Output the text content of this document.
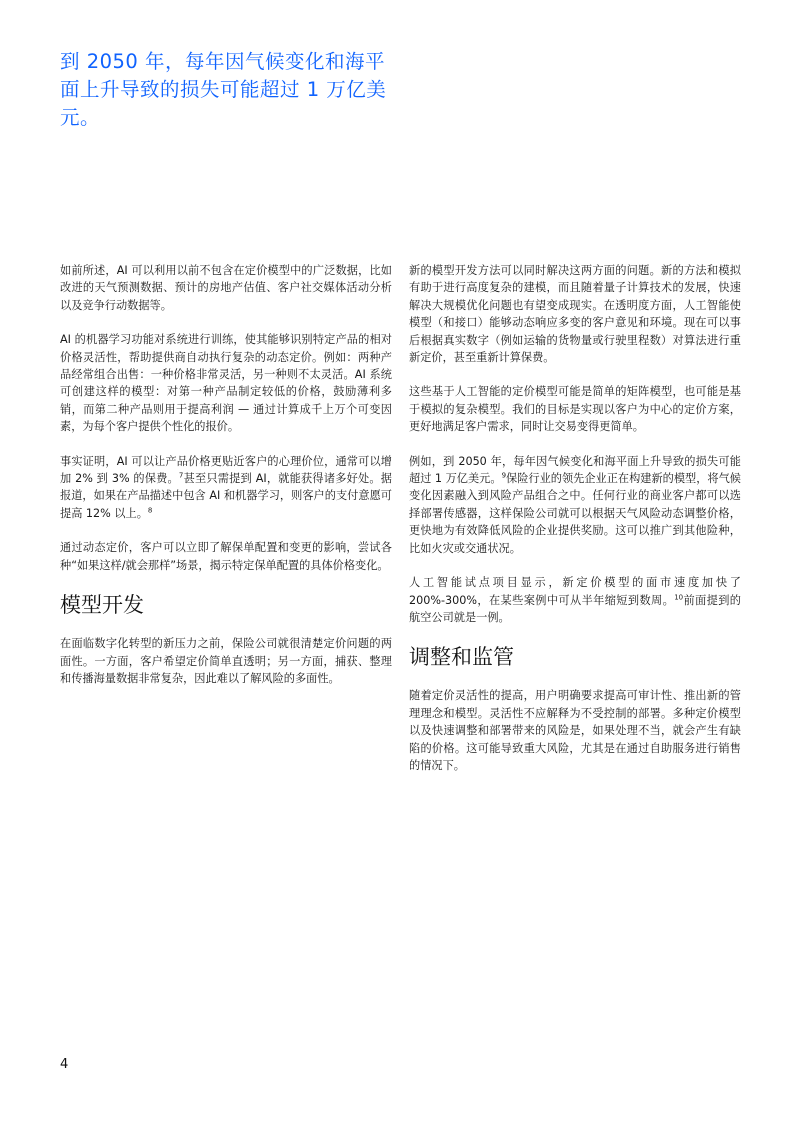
到 2050 年，每年因气候变化和海平面上升导致的损失可能超过 1 万亿美元。

如前所述，AI 可以利用以前不包含在定价模型中的广泛数据，比如改进的天气预测数据、预计的房地产估值、客户社交媒体活动分析以及竞争行动数据等。

AI 的机器学习功能对系统进行训练，使其能够识别特定产品的相对价格灵活性，帮助提供商自动执行复杂的动态定价。例如：两种产品经常组合出售：一种价格非常灵活，另一种则不太灵活。AI 系统可创建这样的模型：对第一种产品制定较低的价格，鼓励薄利多销，而第二种产品则用于提高利润 — 通过计算成千上万个可变因素，为每个客户提供个性化的报价。

事实证明，AI 可以让产品价格更贴近客户的心理价位，通常可以增加 2% 到 3% 的保费。$^7$甚至只需提到 AI，就能获得诸多好处。据报道，如果在产品描述中包含 AI 和机器学习，则客户的支付意愿可提高 12% 以上。$^8$

通过动态定价，客户可以立即了解保单配置和变更的影响，尝试各种“如果这样/就会那样”场景，揭示特定保单配置的具体价格变化。

模型开发

在面临数字化转型的新压力之前，保险公司就很清楚定价问题的两面性。一方面，客户希望定价简单直透明；另一方面，捕获、整理和传播海量数据非常复杂，因此难以了解风险的多面性。

新的模型开发方法可以同时解决这两方面的问题。新的方法和模拟有助于进行高度复杂的建模，而且随着量子计算技术的发展，快速解决大规模优化问题也有望变成现实。在透明度方面，人工智能使模型（和接口）能够动态响应多变的客户意见和环境。现在可以事后根据真实数字（例如运输的货物量或行驶里程数）对算法进行重新定价，甚至重新计算保费。

这些基于人工智能的定价模型可能是简单的矩阵模型，也可能是基于模拟的复杂模型。我们的目标是实现以客户为中心的定价方案，更好地满足客户需求，同时让交易变得更简单。

例如，到 2050 年，每年因气候变化和海平面上升导致的损失可能超过 1 万亿美元。$^9$保险行业的领先企业正在构建新的模型，将气候变化因素融入到风险产品组合之中。任何行业的商业客户都可以选择部署传感器，这样保险公司就可以根据天气风险动态调整价格，更快地为有效降低风险的企业提供奖励。这可以推广到其他险种，比如火灾或交通状况。

人工智能试点项目显示，新定价模型的面市速度加快了 200%-300%，在某些案例中可从半年缩短到数周。$^{10}$前面提到的航空公司就是一例。

调整和监管

随着定价灵活性的提高，用户明确要求提高可审计性、推出新的管理理念和模型。灵活性不应解释为不受控制的部署。多种定价模型以及快速调整和部署带来的风险是，如果处理不当，就会产生有缺陷的价格。这可能导致重大风险，尤其是在通过自助服务进行销售的情况下。

4
